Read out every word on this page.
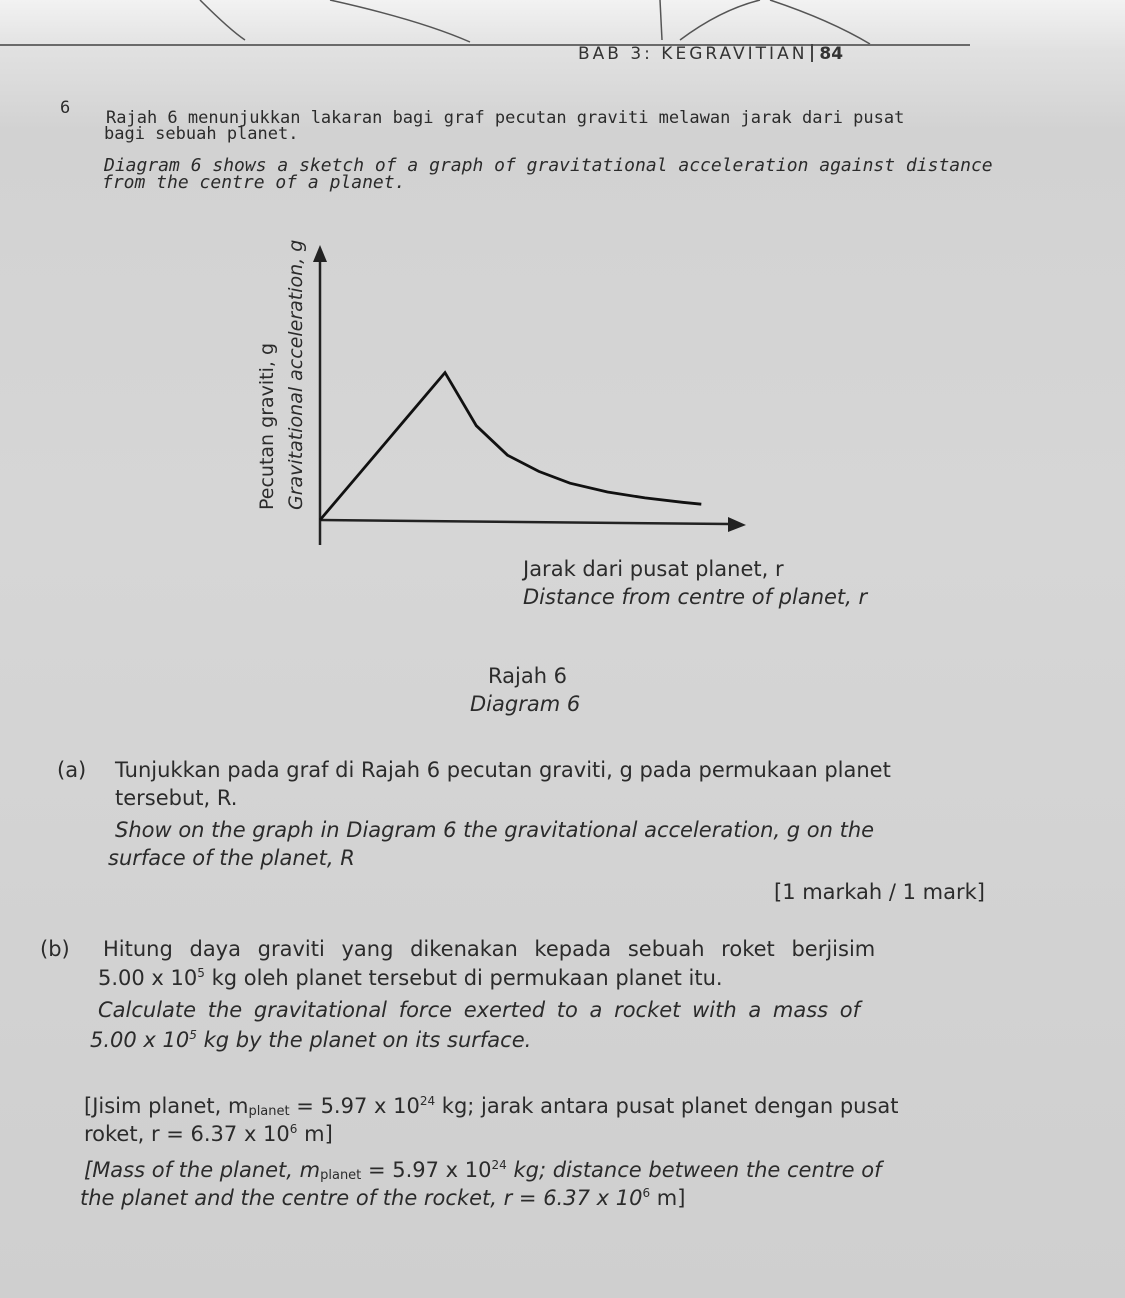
BAB 3: KEGRAVITIAN 84
6 Rajah 6 menunjukkan lakaran bagi graf pecutan graviti melawan jarak dari pusat
bagi sebuah planet.
Diagram 6 shows a sketch of a graph of gravitational acceleration against distance
from the centre of a planet.
Pecutan graviti, g Gravitational acceleration, g
Jarak dari pusat planet, r
Distance from centre of planet, r
Rajah 6
Diagram 6
(a) Tunjukkan pada graf di Rajah 6 pecutan graviti, g pada permukaan planet
tersebut, R.
Show on the graph in Diagram 6 the gravitational acceleration, g on the
surface of the planet, R
[1 markah / 1 mark]
(b) Hitung daya graviti yang dikenakan kepada sebuah roket berjisim
5.00 x $10^5$ kg oleh planet tersebut di permukaan planet itu.
Calculate the gravitational force exerted to a rocket with a mass of
5.00 x $10^5$ kg by the planet on its surface.
[Jisim planet, $m_{planet} = 5.97$ x $10^{24}$ kg; jarak antara pusat planet dengan pusat
roket, r = 6.37 x $10^6$ m]
[Mass of the planet, $m_{planet} = 5.97$ x $10^{24}$ kg; distance between the centre of
the planet and the centre of the rocket, r = 6.37 x $10^6$ m]
